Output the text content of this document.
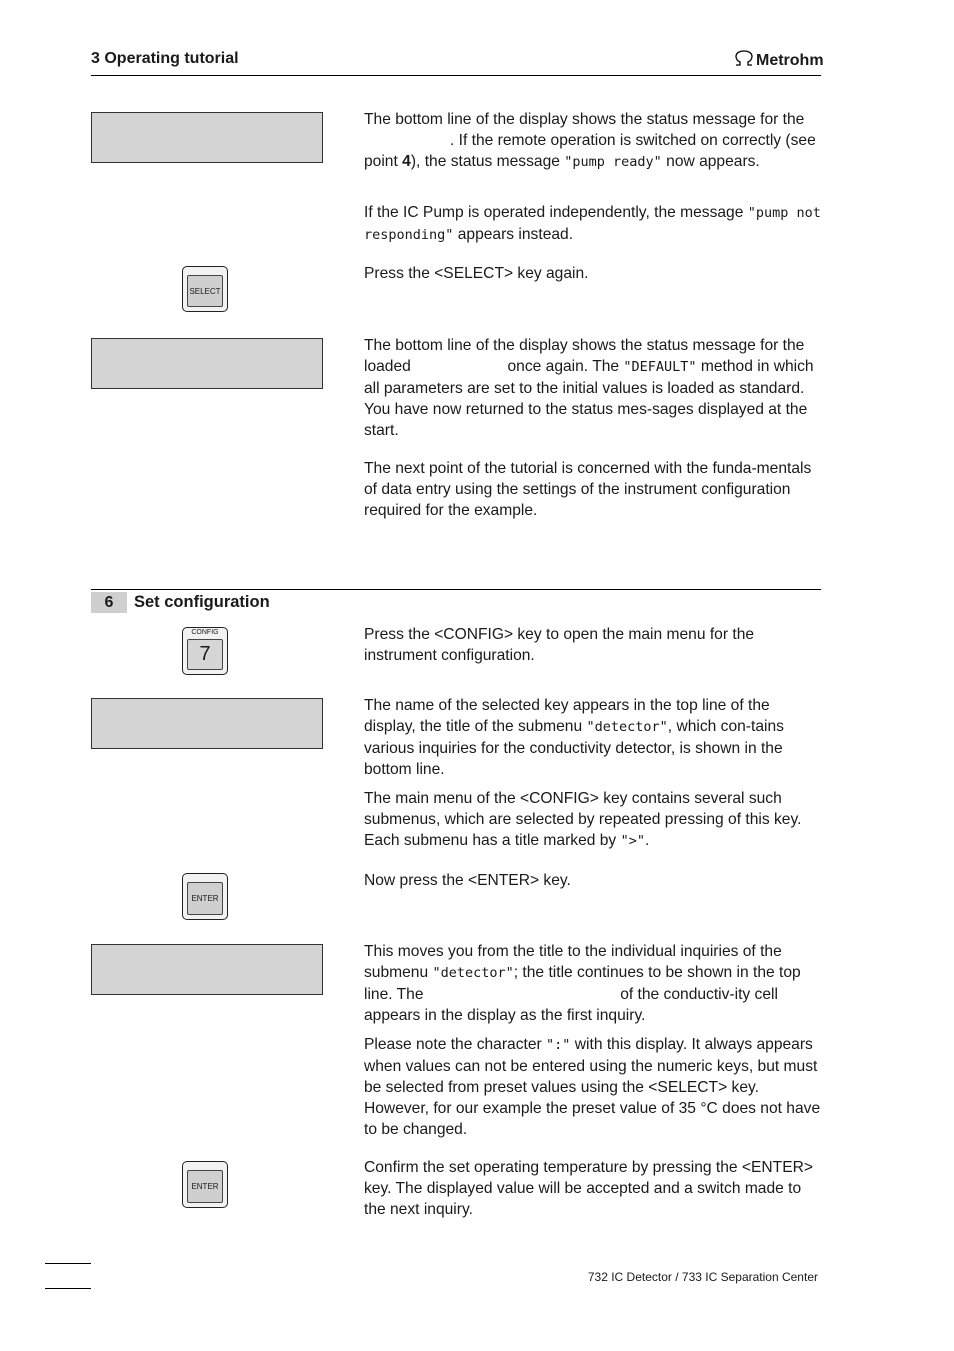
3 Operating tutorial	Metrohm
SELECT
CONFIG
7
ENTER
ENTER

The bottom line of the display shows the status message for the . If the remote operation is switched on correctly (see point 4), the status message "pump ready" now appears.

If the IC Pump is operated independently, the message "pump not responding" appears instead.

Press the <SELECT> key again.

The bottom line of the display shows the status message for the loaded	once again. The "DEFAULT" method in which all parameters are set to the initial values is loaded as standard. You have now returned to the status mes-sages displayed at the start.

The next point of the tutorial is concerned with the funda-mentals of data entry using the settings of the instrument configuration required for the example.

6	Set configuration

Press the <CONFIG> key to open the main menu for the instrument configuration.

The name of the selected key appears in the top line of the display, the title of the submenu "detector", which con-tains various inquiries for the conductivity detector, is shown in the bottom line.

The main menu of the <CONFIG> key contains several such submenus, which are selected by repeated pressing of this key. Each submenu has a title marked by ">".

Now press the <ENTER> key.

This moves you from the title to the individual inquiries of the submenu "detector"; the title continues to be shown in the top line. The	of the conductiv-ity cell appears in the display as the first inquiry.

Please note the character ":" with this display. It always appears when values can not be entered using the numeric keys, but must be selected from preset values using the <SELECT> key. However, for our example the preset value of 35 °C does not have to be changed.

Confirm the set operating temperature by pressing the <ENTER> key. The displayed value will be accepted and a switch made to the next inquiry.

732 IC Detector / 733 IC Separation Center
